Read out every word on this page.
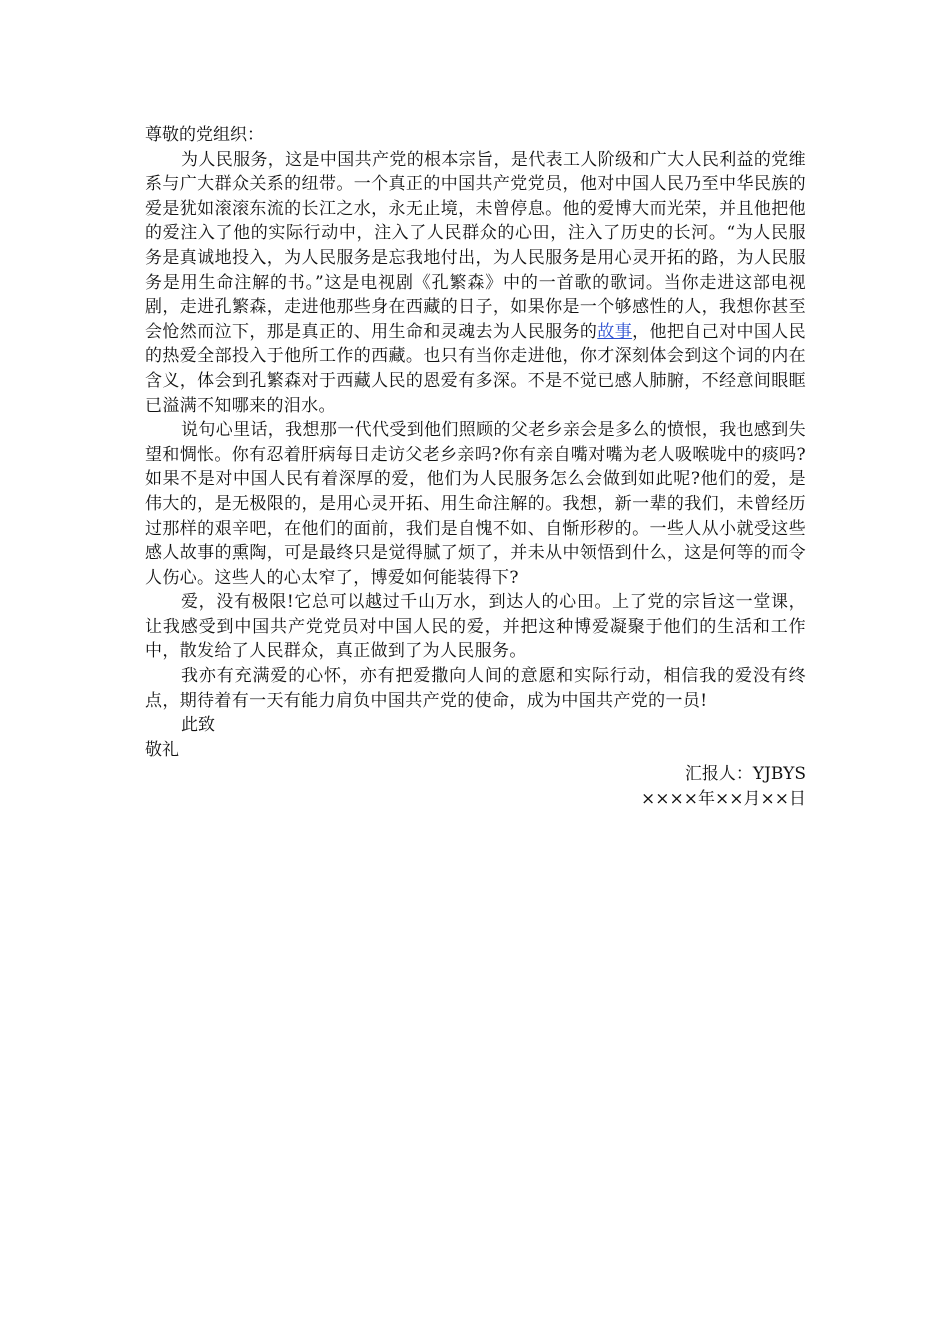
尊敬的党组织：

为人民服务，这是中国共产党的根本宗旨，是代表工人阶级和广大人民利益的党维系与广大群众关系的纽带。一个真正的中国共产党党员，他对中国人民乃至中华民族的爱是犹如滚滚东流的长江之水，永无止境，未曾停息。他的爱博大而光荣，并且他把他的爱注入了他的实际行动中，注入了人民群众的心田，注入了历史的长河。“为人民服务是真诚地投入，为人民服务是忘我地付出，为人民服务是用心灵开拓的路，为人民服务是用生命注解的书。”这是电视剧《孔繁森》中的一首歌的歌词。当你走进这部电视剧，走进孔繁森，走进他那些身在西藏的日子，如果你是一个够感性的人，我想你甚至会怆然而泣下，那是真正的、用生命和灵魂去为人民服务的故事，他把自己对中国人民的热爱全部投入于他所工作的西藏。也只有当你走进他，你才深刻体会到这个词的内在含义，体会到孔繁森对于西藏人民的恩爱有多深。不是不觉已感人肺腑，不经意间眼眶已溢满不知哪来的泪水。

说句心里话，我想那一代代受到他们照顾的父老乡亲会是多么的愤恨，我也感到失望和惆怅。你有忍着肝病每日走访父老乡亲吗?你有亲自嘴对嘴为老人吸喉咙中的痰吗?如果不是对中国人民有着深厚的爱，他们为人民服务怎么会做到如此呢?他们的爱，是伟大的，是无极限的，是用心灵开拓、用生命注解的。我想，新一辈的我们，未曾经历过那样的艰辛吧，在他们的面前，我们是自愧不如、自惭形秽的。一些人从小就受这些感人故事的熏陶，可是最终只是觉得腻了烦了，并未从中领悟到什么，这是何等的而令人伤心。这些人的心太窄了，博爱如何能装得下?

爱，没有极限!它总可以越过千山万水，到达人的心田。上了党的宗旨这一堂课，让我感受到中国共产党党员对中国人民的爱，并把这种博爱凝聚于他们的生活和工作中，散发给了人民群众，真正做到了为人民服务。

我亦有充满爱的心怀，亦有把爱撒向人间的意愿和实际行动，相信我的爱没有终点，期待着有一天有能力肩负中国共产党的使命，成为中国共产党的一员!

此致

敬礼

汇报人：YJBYS

××××年××月××日
